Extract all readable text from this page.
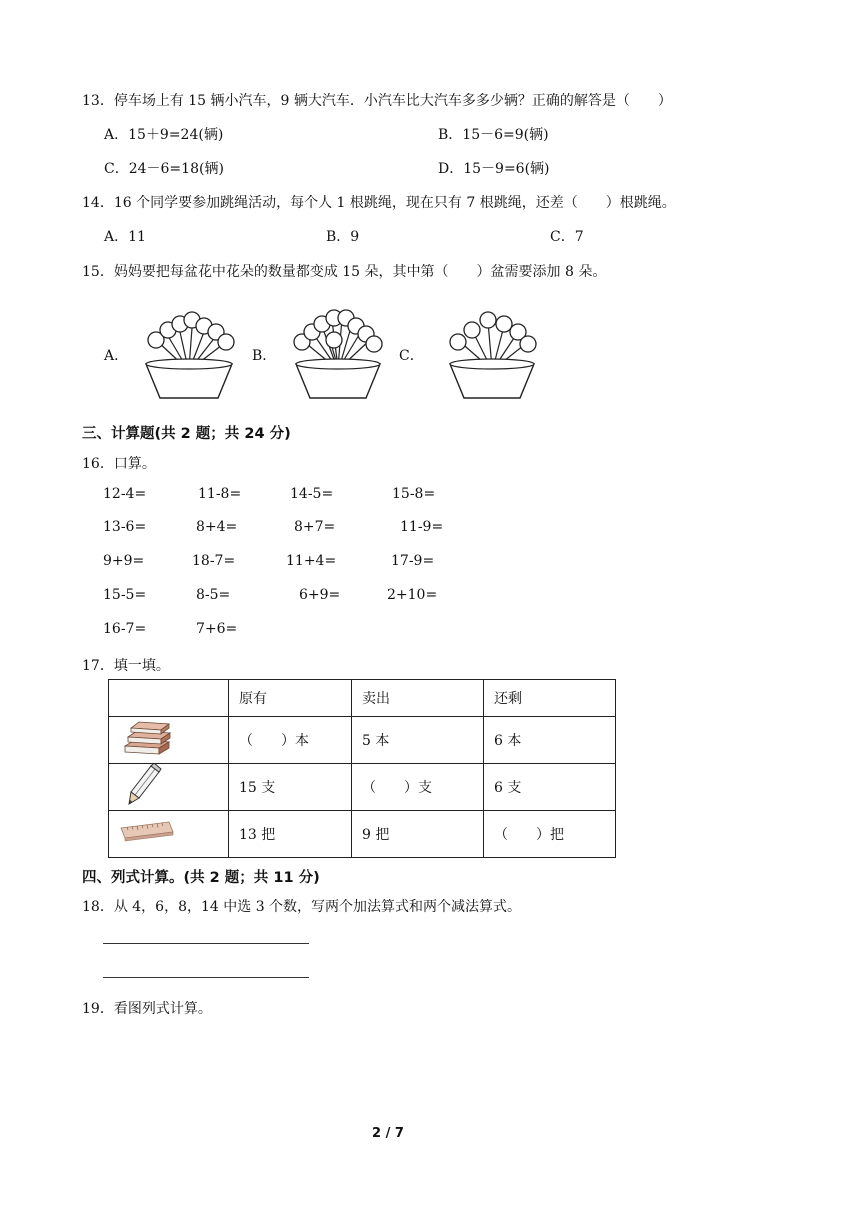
13．停车场上有 15 辆小汽车，9 辆大汽车．小汽车比大汽车多多少辆？正确的解答是（　　）
A．15＋9=24(辆)	B．15－6=9(辆)
C．24－6=18(辆)	D．15－9=6(辆)
14．16 个同学要参加跳绳活动，每个人 1 根跳绳，现在只有 7 根跳绳，还差（　　）根跳绳。
A．11	B．9	C．7
15．妈妈要把每盆花中花朵的数量都变成 15 朵，其中第（　　）盆需要添加 8 朵。
A．	B．	C．
三、计算题(共 2 题；共 24 分)
16．口算。
12-4=	11-8=	14-5=	15-8=
13-6=	8+4=	8+7=	11-9=
9+9=	18-7=	11+4=	17-9=
15-5=	8-5=	6+9=	2+10=
16-7=	7+6=
17．填一填。
	原有	卖出	还剩
	（　　）本	5 本	6 本
	15 支	（　　）支	6 支
	13 把	9 把	（　　）把
四、列式计算。(共 2 题；共 11 分)
18．从 4，6，8，14 中选 3 个数，写两个加法算式和两个减法算式。
19．看图列式计算。
2 / 7
